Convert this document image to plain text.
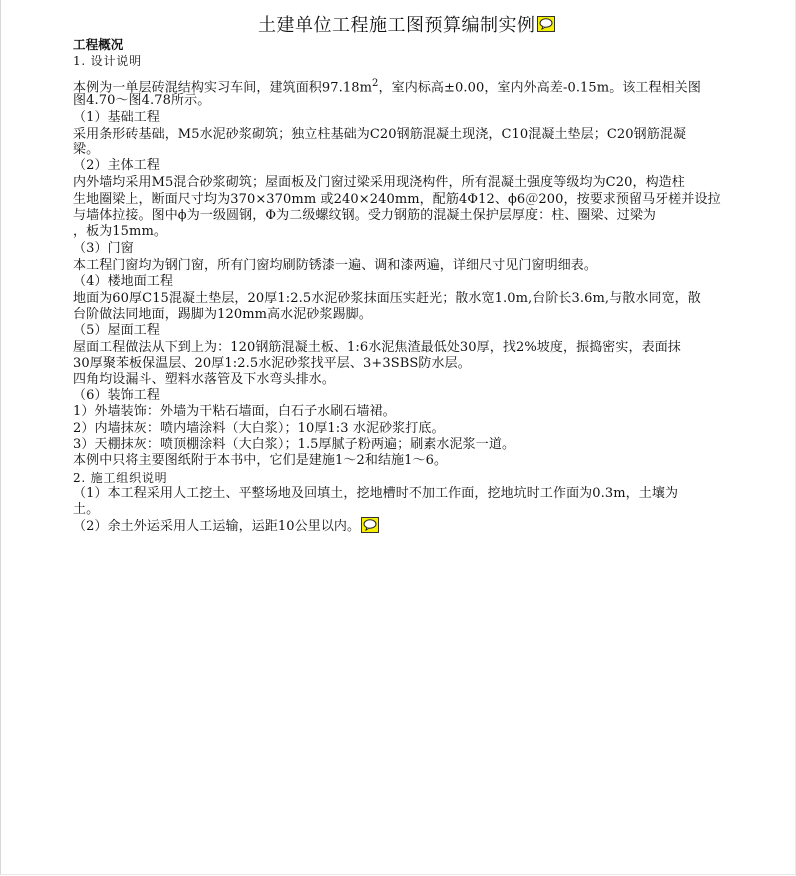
土建单位工程施工图预算编制实例
工程概况
1. 设计说明
本例为一单层砖混结构实习车间，建筑面积$97.18m^2$，室内标高±0.00，室内外高差-0.15m。该工程相关图
图4.70～图4.78所示。
（1）基础工程
采用条形砖基础，M5水泥砂浆砌筑；独立柱基础为C20钢筋混凝土现浇，C10混凝土垫层；C20钢筋混凝
梁。
（2）主体工程
内外墙均采用M5混合砂浆砌筑；屋面板及门窗过梁采用现浇构件，所有混凝土强度等级均为C20，构造柱
生地圈梁上，断面尺寸均为370×370mm 或240×240mm，配筋4Φ12、ϕ6＠200，按要求预留马牙槎并设拉
与墙体拉接。图中ϕ为一级圆钢，Φ为二级螺纹钢。受力钢筋的混凝土保护层厚度：柱、圈梁、过梁为
，板为15mm。
（3）门窗
本工程门窗均为钢门窗，所有门窗均刷防锈漆一遍、调和漆两遍，详细尺寸见门窗明细表。
（4）楼地面工程
地面为60厚C15混凝土垫层，20厚1:2.5水泥砂浆抹面压实赶光；散水宽1.0m,台阶长3.6m,与散水同宽，散
台阶做法同地面，踢脚为120mm高水泥砂浆踢脚。
（5）屋面工程
屋面工程做法从下到上为：120钢筋混凝土板、1:6水泥焦渣最低处30厚，找2%坡度，振捣密实，表面抹
30厚聚苯板保温层、20厚1:2.5水泥砂浆找平层、3+3SBS防水层。
四角均设漏斗、塑料水落管及下水弯头排水。
（6）装饰工程
1）外墙装饰：外墙为干粘石墙面，白石子水刷石墙裙。
2）内墙抹灰：喷内墙涂料（大白浆）；10厚1:3 水泥砂浆打底。
3）天棚抹灰：喷顶棚涂料（大白浆）；1.5厚腻子粉两遍；刷素水泥浆一道。
本例中只将主要图纸附于本书中，它们是建施1～2和结施1～6。
2. 施工组织说明
（1）本工程采用人工挖土、平整场地及回填土，挖地槽时不加工作面，挖地坑时工作面为0.3m，土壤为
土。
（2）余土外运采用人工运输，运距10公里以内。
